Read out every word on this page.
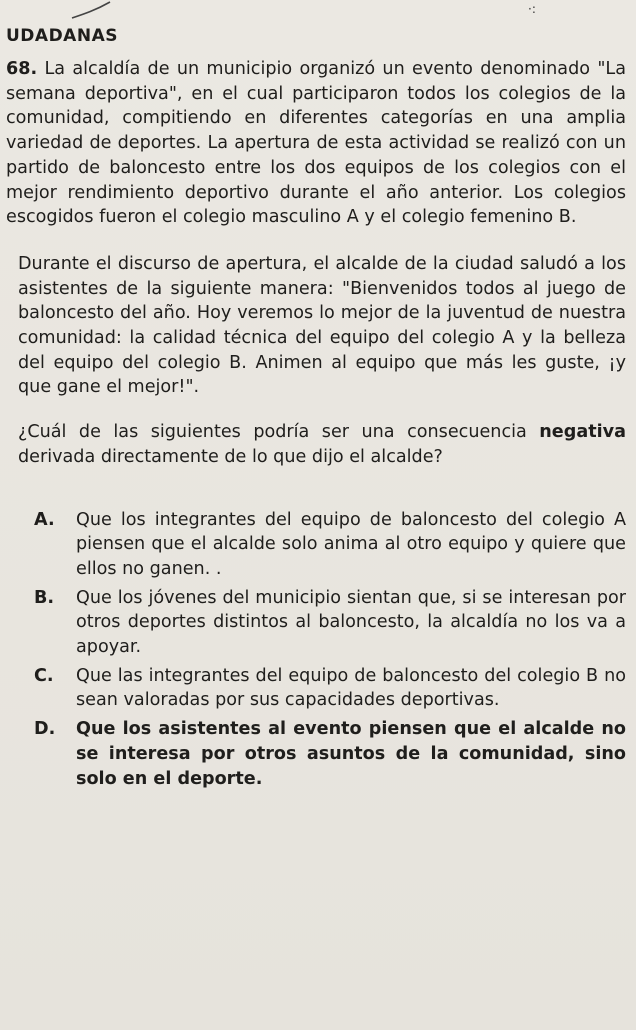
·:
UDADANAS

68. La alcaldía de un municipio organizó un evento denominado "La semana deportiva", en el cual participaron todos los colegios de la comunidad, compitiendo en diferentes categorías en una amplia variedad de deportes. La apertura de esta actividad se realizó con un partido de baloncesto entre los dos equipos de los colegios con el mejor rendimiento deportivo durante el año anterior. Los colegios escogidos fueron el colegio masculino A y el colegio femenino B.

Durante el discurso de apertura, el alcalde de la ciudad saludó a los asistentes de la siguiente manera: "Bienvenidos todos al juego de baloncesto del año. Hoy veremos lo mejor de la juventud de nuestra comunidad: la calidad técnica del equipo del colegio A y la belleza del equipo del colegio B. Animen al equipo que más les guste, ¡y que gane el mejor!".

¿Cuál de las siguientes podría ser una consecuencia negativa derivada directamente de lo que dijo el alcalde?

A.	Que los integrantes del equipo de baloncesto del colegio A piensen que el alcalde solo anima al otro equipo y quiere que ellos no ganen. .
B.	Que los jóvenes del municipio sientan que, si se interesan por otros deportes distintos al baloncesto, la alcaldía no los va a apoyar.
C.	Que las integrantes del equipo de baloncesto del colegio B no sean valoradas por sus capacidades deportivas.
D.	Que los asistentes al evento piensen que el alcalde no se interesa por otros asuntos de la comunidad, sino solo en el deporte.
